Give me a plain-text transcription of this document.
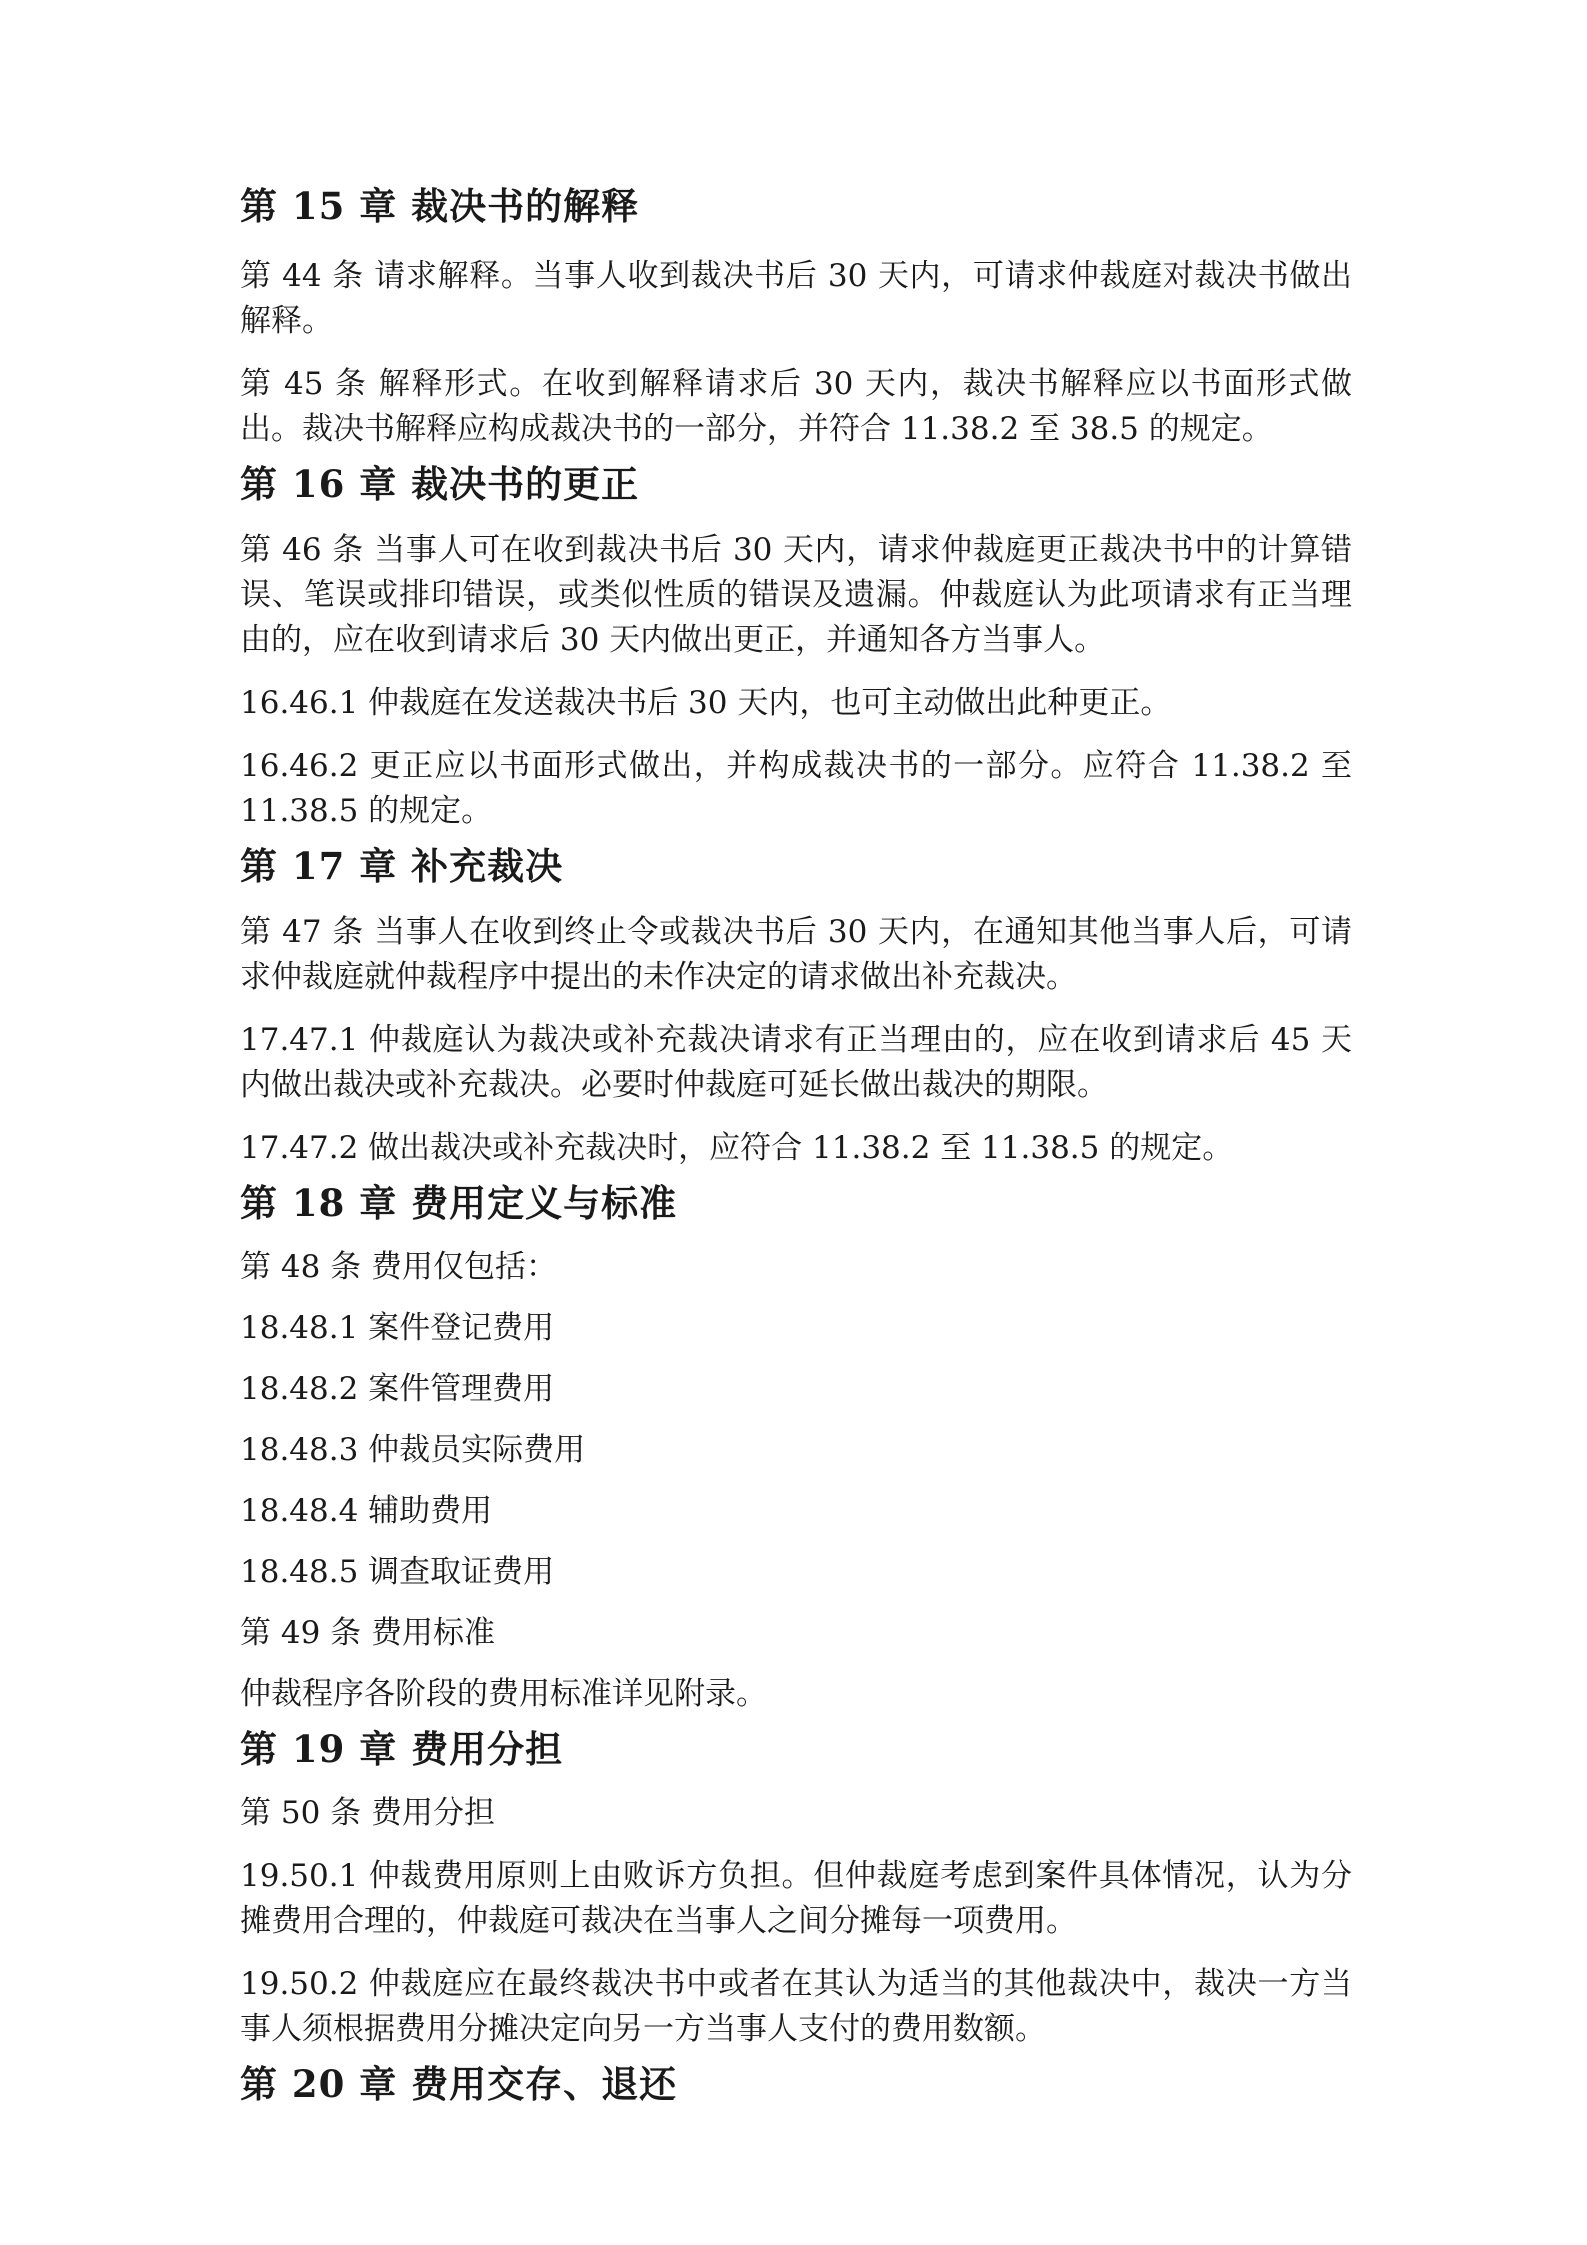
第 15 章 裁决书的解释

第 44 条 请求解释。当事人收到裁决书后 30 天内，可请求仲裁庭对裁决书做出解释。

第 45 条 解释形式。在收到解释请求后 30 天内，裁决书解释应以书面形式做出。裁决书解释应构成裁决书的一部分，并符合 11.38.2 至 38.5 的规定。

第 16 章 裁决书的更正

第 46 条 当事人可在收到裁决书后 30 天内，请求仲裁庭更正裁决书中的计算错误、笔误或排印错误，或类似性质的错误及遗漏。仲裁庭认为此项请求有正当理由的，应在收到请求后 30 天内做出更正，并通知各方当事人。

16.46.1 仲裁庭在发送裁决书后 30 天内，也可主动做出此种更正。

16.46.2 更正应以书面形式做出，并构成裁决书的一部分。应符合 11.38.2 至 11.38.5 的规定。

第 17 章 补充裁决

第 47 条 当事人在收到终止令或裁决书后 30 天内，在通知其他当事人后，可请求仲裁庭就仲裁程序中提出的未作决定的请求做出补充裁决。

17.47.1 仲裁庭认为裁决或补充裁决请求有正当理由的，应在收到请求后 45 天内做出裁决或补充裁决。必要时仲裁庭可延长做出裁决的期限。

17.47.2 做出裁决或补充裁决时，应符合 11.38.2 至 11.38.5 的规定。

第 18 章 费用定义与标准

第 48 条 费用仅包括：

18.48.1 案件登记费用

18.48.2 案件管理费用

18.48.3 仲裁员实际费用

18.48.4 辅助费用

18.48.5 调查取证费用

第 49 条 费用标准

仲裁程序各阶段的费用标准详见附录。

第 19 章 费用分担

第 50 条 费用分担

19.50.1 仲裁费用原则上由败诉方负担。但仲裁庭考虑到案件具体情况，认为分摊费用合理的，仲裁庭可裁决在当事人之间分摊每一项费用。

19.50.2 仲裁庭应在最终裁决书中或者在其认为适当的其他裁决中，裁决一方当事人须根据费用分摊决定向另一方当事人支付的费用数额。

第 20 章 费用交存、退还
